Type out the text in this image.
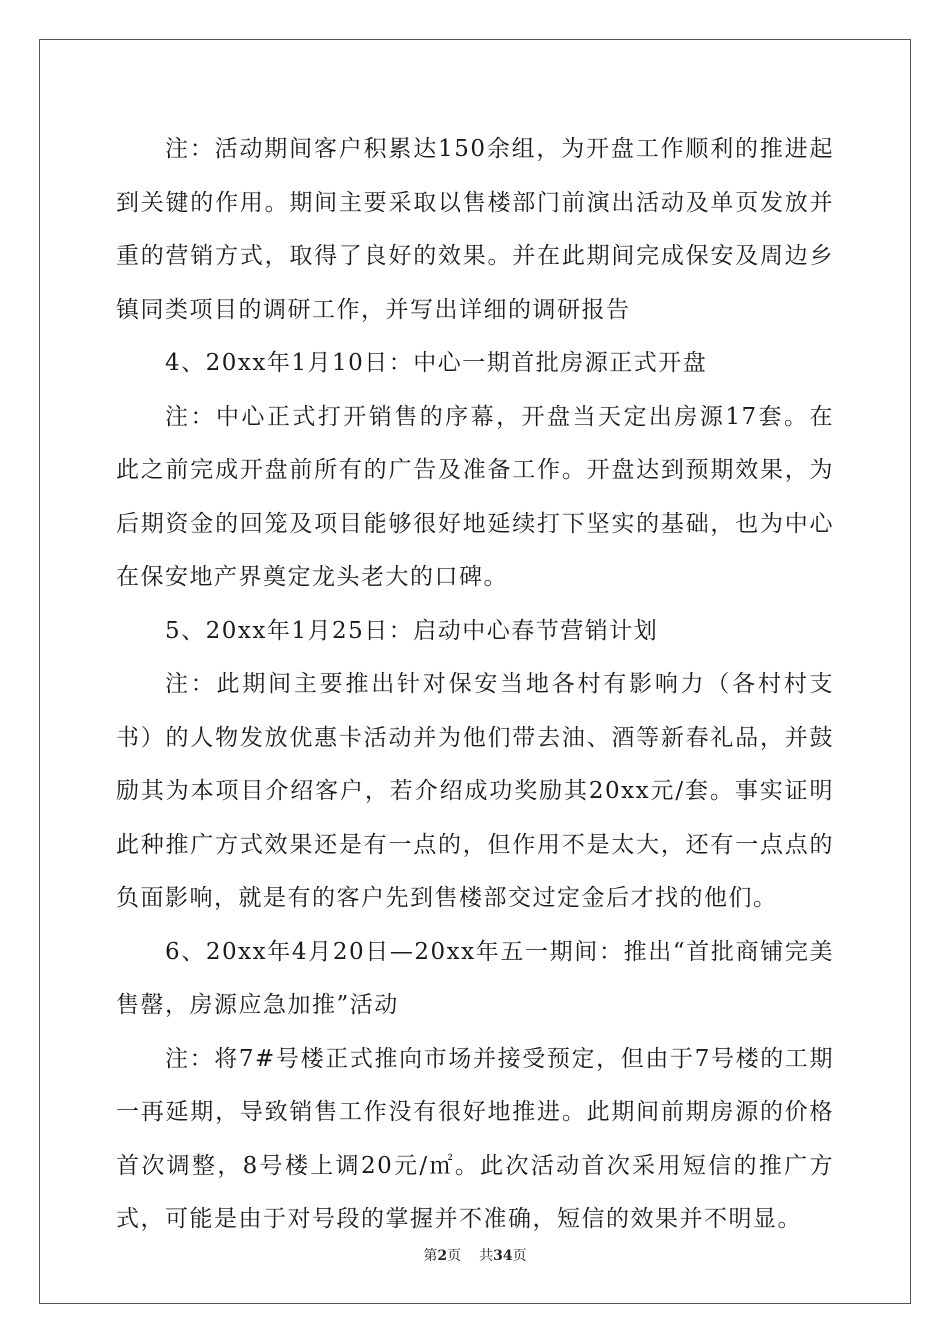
注：活动期间客户积累达150余组，为开盘工作顺利的推进起到关键的作用。期间主要采取以售楼部门前演出活动及单页发放并重的营销方式，取得了良好的效果。并在此期间完成保安及周边乡镇同类项目的调研工作，并写出详细的调研报告

4、20xx年1月10日：中心一期首批房源正式开盘

注：中心正式打开销售的序幕，开盘当天定出房源17套。在此之前完成开盘前所有的广告及准备工作。开盘达到预期效果，为后期资金的回笼及项目能够很好地延续打下坚实的基础，也为中心在保安地产界奠定龙头老大的口碑。

5、20xx年1月25日：启动中心春节营销计划

注：此期间主要推出针对保安当地各村有影响力（各村村支书）的人物发放优惠卡活动并为他们带去油、酒等新春礼品，并鼓励其为本项目介绍客户，若介绍成功奖励其20xx元/套。事实证明此种推广方式效果还是有一点的，但作用不是太大，还有一点点的负面影响，就是有的客户先到售楼部交过定金后才找的他们。

6、20xx年4月20日—20xx年五一期间：推出“首批商铺完美售罄，房源应急加推”活动

注：将7#号楼正式推向市场并接受预定，但由于7号楼的工期一再延期，导致销售工作没有很好地推进。此期间前期房源的价格首次调整，8号楼上调20元/㎡。此次活动首次采用短信的推广方式，可能是由于对号段的掌握并不准确，短信的效果并不明显。

第2页 共34页
